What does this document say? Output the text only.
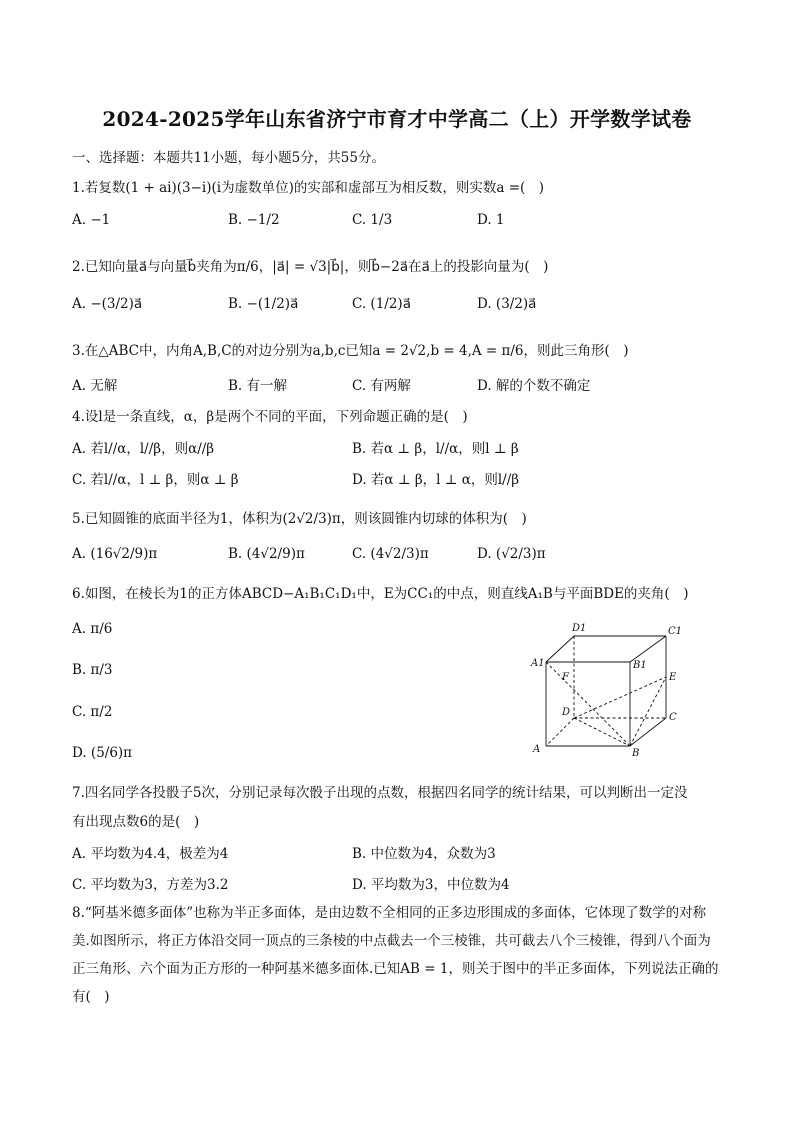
2024-2025学年山东省济宁市育才中学高二（上）开学数学试卷
一、选择题：本题共11小题，每小题5分，共55分。
1.若复数(1 + ai)(3−i)(i为虚数单位)的实部和虚部互为相反数，则实数a =(　)
A. −1	B. −1/2	C. 1/3	D. 1
2.已知向量a⃗与向量b⃗夹角为π/6，|a⃗| = √3|b⃗|，则b⃗−2a⃗在a⃗上的投影向量为(　)
A. −(3/2)a⃗	B. −(1/2)a⃗	C. (1/2)a⃗	D. (3/2)a⃗
3.在△ABC中，内角A,B,C的对边分别为a,b,c已知a = 2√2,b = 4,A = π/6，则此三角形(　)
A. 无解	B. 有一解	C. 有两解	D. 解的个数不确定
4.设l是一条直线，α，β是两个不同的平面，下列命题正确的是(　)
A. 若l//α，l//β，则α//β	B. 若α ⊥ β，l//α，则l ⊥ β
C. 若l//α，l ⊥ β，则α ⊥ β	D. 若α ⊥ β，l ⊥ α，则l//β
5.已知圆锥的底面半径为1，体积为(2√2/3)π，则该圆锥内切球的体积为(　)
A. (16√2/9)π	B. (4√2/9)π	C. (4√2/3)π	D. (√2/3)π
6.如图，在棱长为1的正方体ABCD−A₁B₁C₁D₁中，E为CC₁的中点，则直线A₁B与平面BDE的夹角(　)
A. π/6
B. π/3
C. π/2
D. (5/6)π
D1	C1
A1	B1
F	E
D	C
A	B
7.四名同学各投骰子5次，分别记录每次骰子出现的点数，根据四名同学的统计结果，可以判断出一定没
有出现点数6的是(　)
A. 平均数为4.4，极差为4	B. 中位数为4，众数为3
C. 平均数为3，方差为3.2	D. 平均数为3，中位数为4
8.“阿基米德多面体”也称为半正多面体，是由边数不全相同的正多边形围成的多面体，它体现了数学的对称美.如图所示，将正方体沿交同一顶点的三条棱的中点截去一个三棱锥，共可截去八个三棱锥，得到八个面为正三角形、六个面为正方形的一种阿基米德多面体.已知AB = 1，则关于图中的半正多面体，下列说法正确的有(　)
